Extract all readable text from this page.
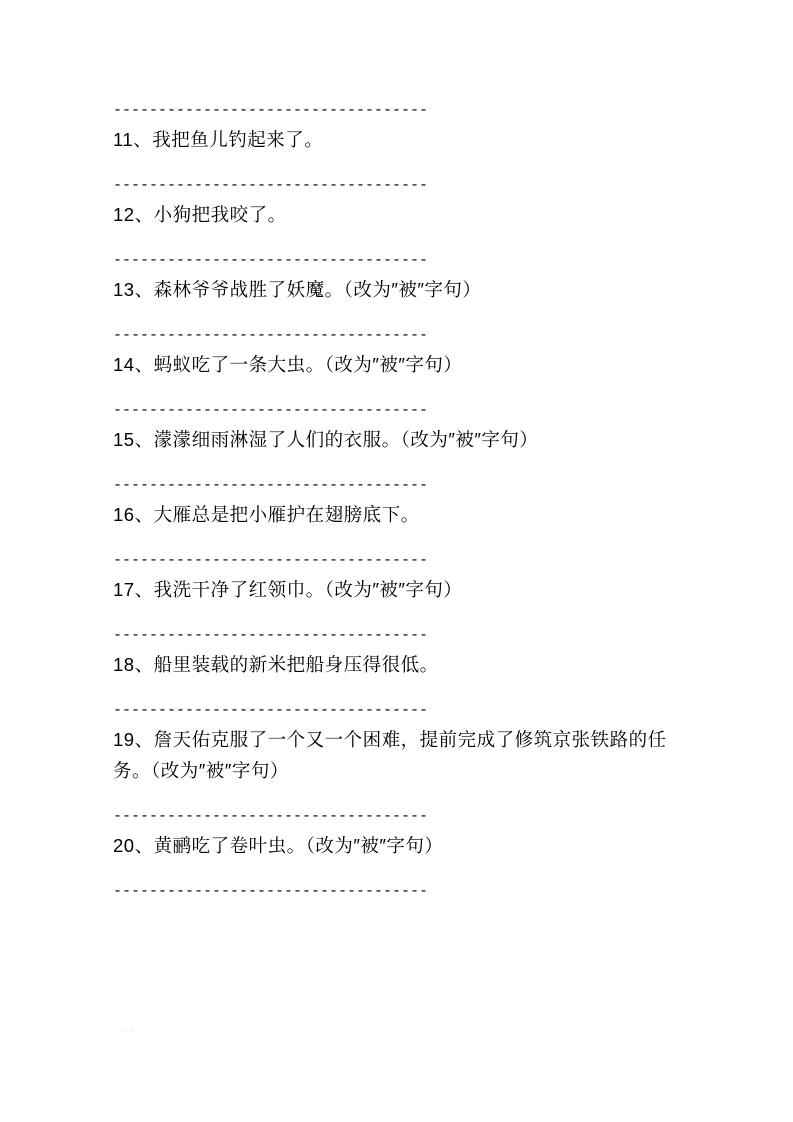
-----------------------------------
11、我把鱼儿钓起来了。
-----------------------------------
12、小狗把我咬了。
-----------------------------------
13、森林爷爷战胜了妖魔。（改为″被″字句）
-----------------------------------
14、蚂蚁吃了一条大虫。（改为″被″字句）
-----------------------------------
15、濛濛细雨淋湿了人们的衣服。（改为″被″字句）
-----------------------------------
16、大雁总是把小雁护在翅膀底下。
-----------------------------------
17、我洗干净了红领巾。（改为″被″字句）
-----------------------------------
18、船里装载的新米把船身压得很低。
-----------------------------------
19、詹天佑克服了一个又一个困难，提前完成了修筑京张铁路的任务。（改为″被″字句）
-----------------------------------
20、黄鹂吃了卷叶虫。（改为″被″字句）
-----------------------------------
...
